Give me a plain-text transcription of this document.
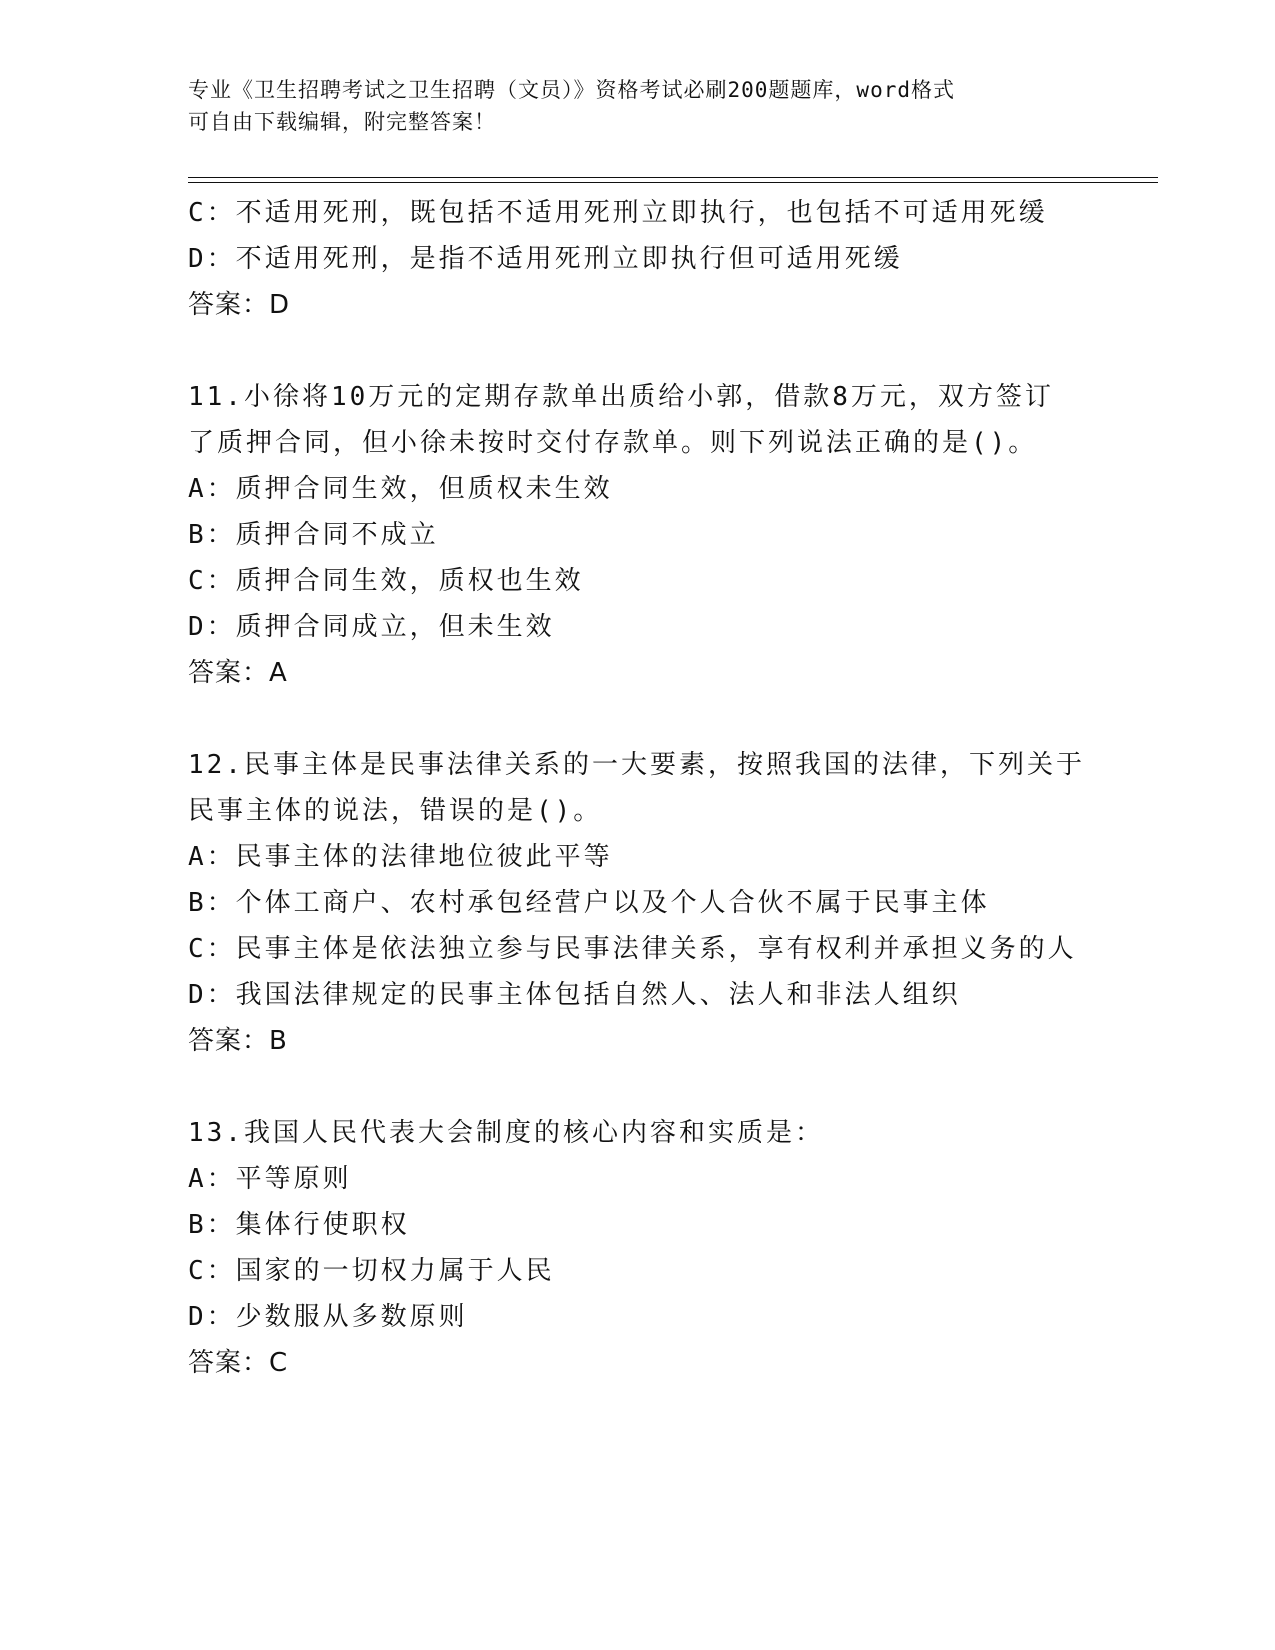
专业《卫生招聘考试之卫生招聘（文员）》资格考试必刷200题题库，word格式
可自由下载编辑，附完整答案！
C：不适用死刑，既包括不适用死刑立即执行，也包括不可适用死缓
D：不适用死刑，是指不适用死刑立即执行但可适用死缓
答案：D
11.小徐将10万元的定期存款单出质给小郭，借款8万元，双方签订
了质押合同，但小徐未按时交付存款单。则下列说法正确的是()。
A：质押合同生效，但质权未生效
B：质押合同不成立
C：质押合同生效，质权也生效
D：质押合同成立，但未生效
答案：A
12.民事主体是民事法律关系的一大要素，按照我国的法律，下列关于
民事主体的说法，错误的是()。
A：民事主体的法律地位彼此平等
B：个体工商户、农村承包经营户以及个人合伙不属于民事主体
C：民事主体是依法独立参与民事法律关系，享有权利并承担义务的人
D：我国法律规定的民事主体包括自然人、法人和非法人组织
答案：B
13.我国人民代表大会制度的核心内容和实质是：
A：平等原则
B：集体行使职权
C：国家的一切权力属于人民
D：少数服从多数原则
答案：C
